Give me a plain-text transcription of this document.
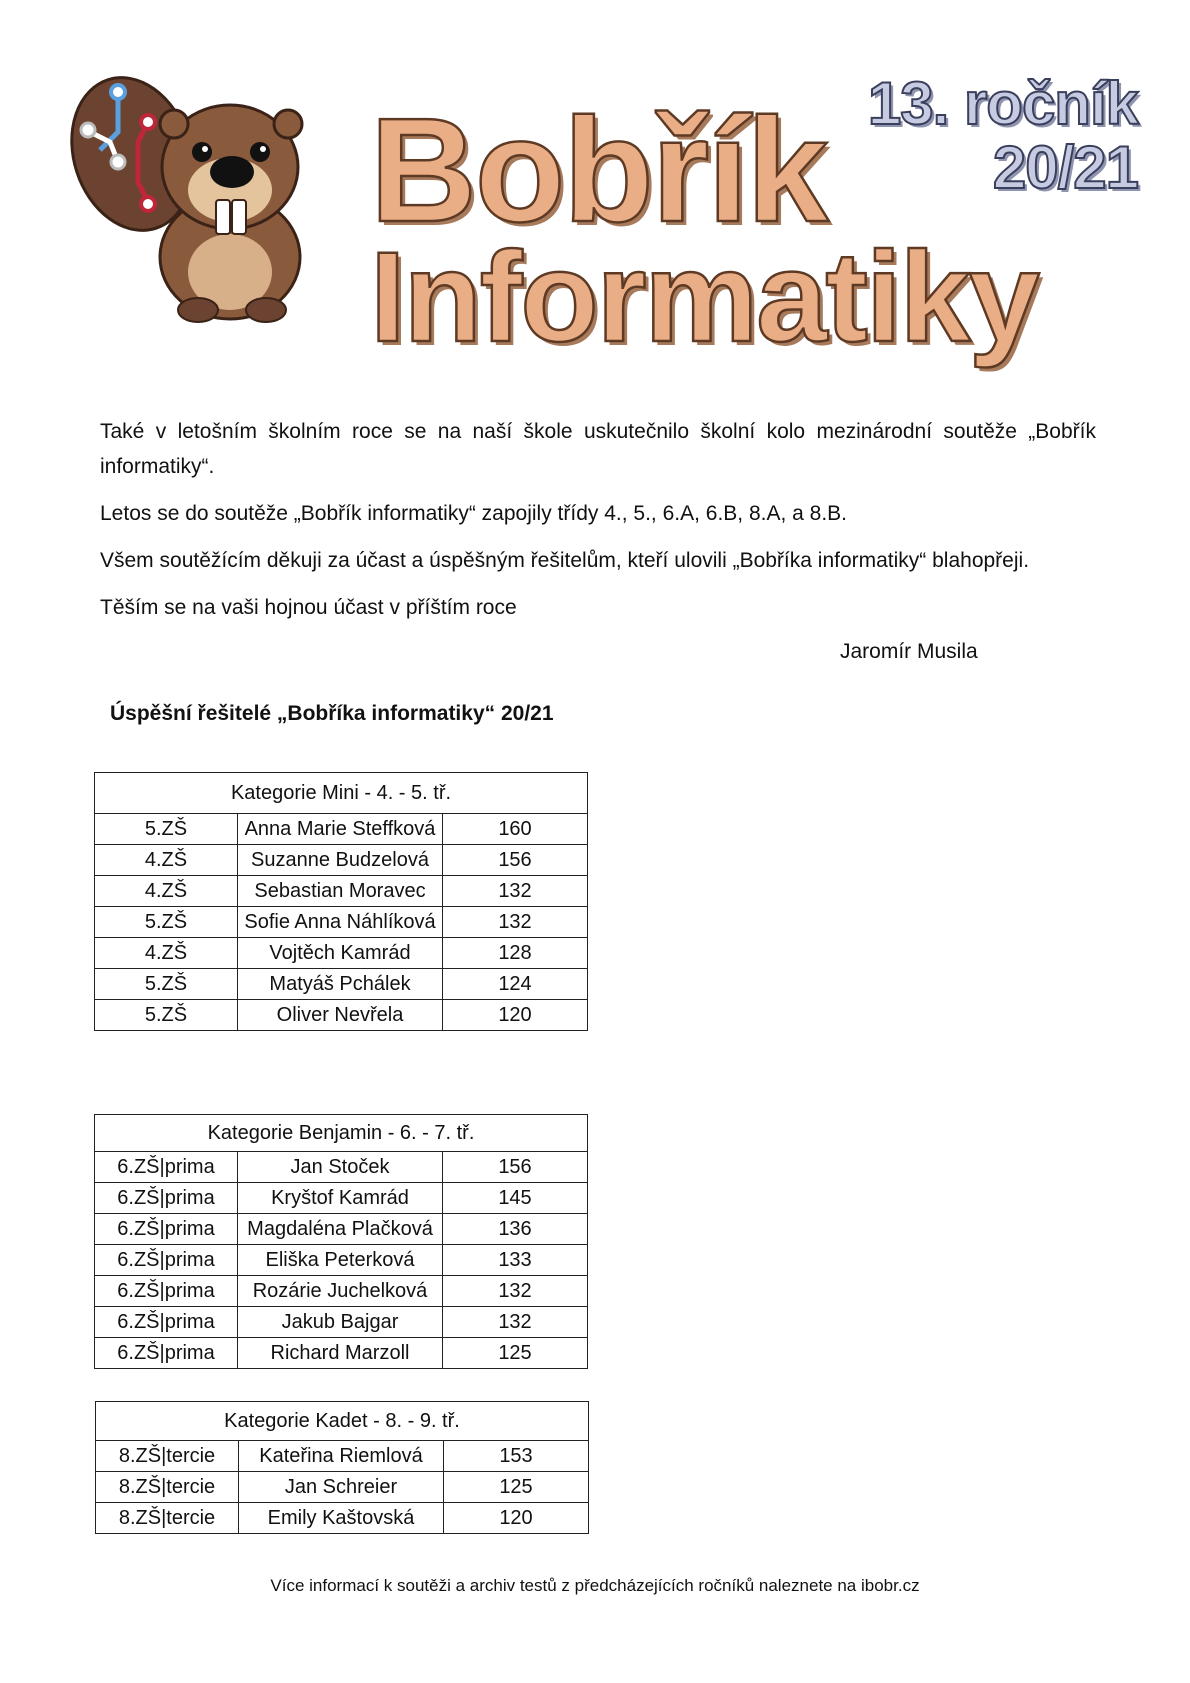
13. ročník
20/21
Bobřík
Informatiky

Také v letošním školním roce se na naší škole uskutečnilo školní kolo mezinárodní soutěže „Bobřík informatiky“.

Letos se do soutěže „Bobřík informatiky“ zapojily třídy 4., 5., 6.A, 6.B, 8.A, a 8.B.

Všem soutěžícím děkuji za účast a úspěšným řešitelům, kteří ulovili „Bobříka informatiky“ blahopřeji.

Těším se na vaši hojnou účast v příštím roce

Jaromír Musila
Úspěšní řešitelé „Bobříka informatiky“ 20/21
Kategorie Mini - 4. - 5. tř.		
5.ZŠ	Anna Marie Steffková	160
4.ZŠ	Suzanne Budzelová	156
4.ZŠ	Sebastian Moravec	132
5.ZŠ	Sofie Anna Náhlíková	132
4.ZŠ	Vojtěch Kamrád	128
5.ZŠ	Matyáš Pchálek	124
5.ZŠ	Oliver Nevřela	120
Kategorie Benjamin - 6. - 7. tř.		
6.ZŠ|prima	Jan Stoček	156
6.ZŠ|prima	Kryštof Kamrád	145
6.ZŠ|prima	Magdaléna Plačková	136
6.ZŠ|prima	Eliška Peterková	133
6.ZŠ|prima	Rozárie Juchelková	132
6.ZŠ|prima	Jakub Bajgar	132
6.ZŠ|prima	Richard Marzoll	125
Kategorie Kadet - 8. - 9. tř.		
8.ZŠ|tercie	Kateřina Riemlová	153
8.ZŠ|tercie	Jan Schreier	125
8.ZŠ|tercie	Emily Kaštovská	120
Více informací k soutěži a archiv testů z předcházejících ročníků naleznete na ibobr.cz
